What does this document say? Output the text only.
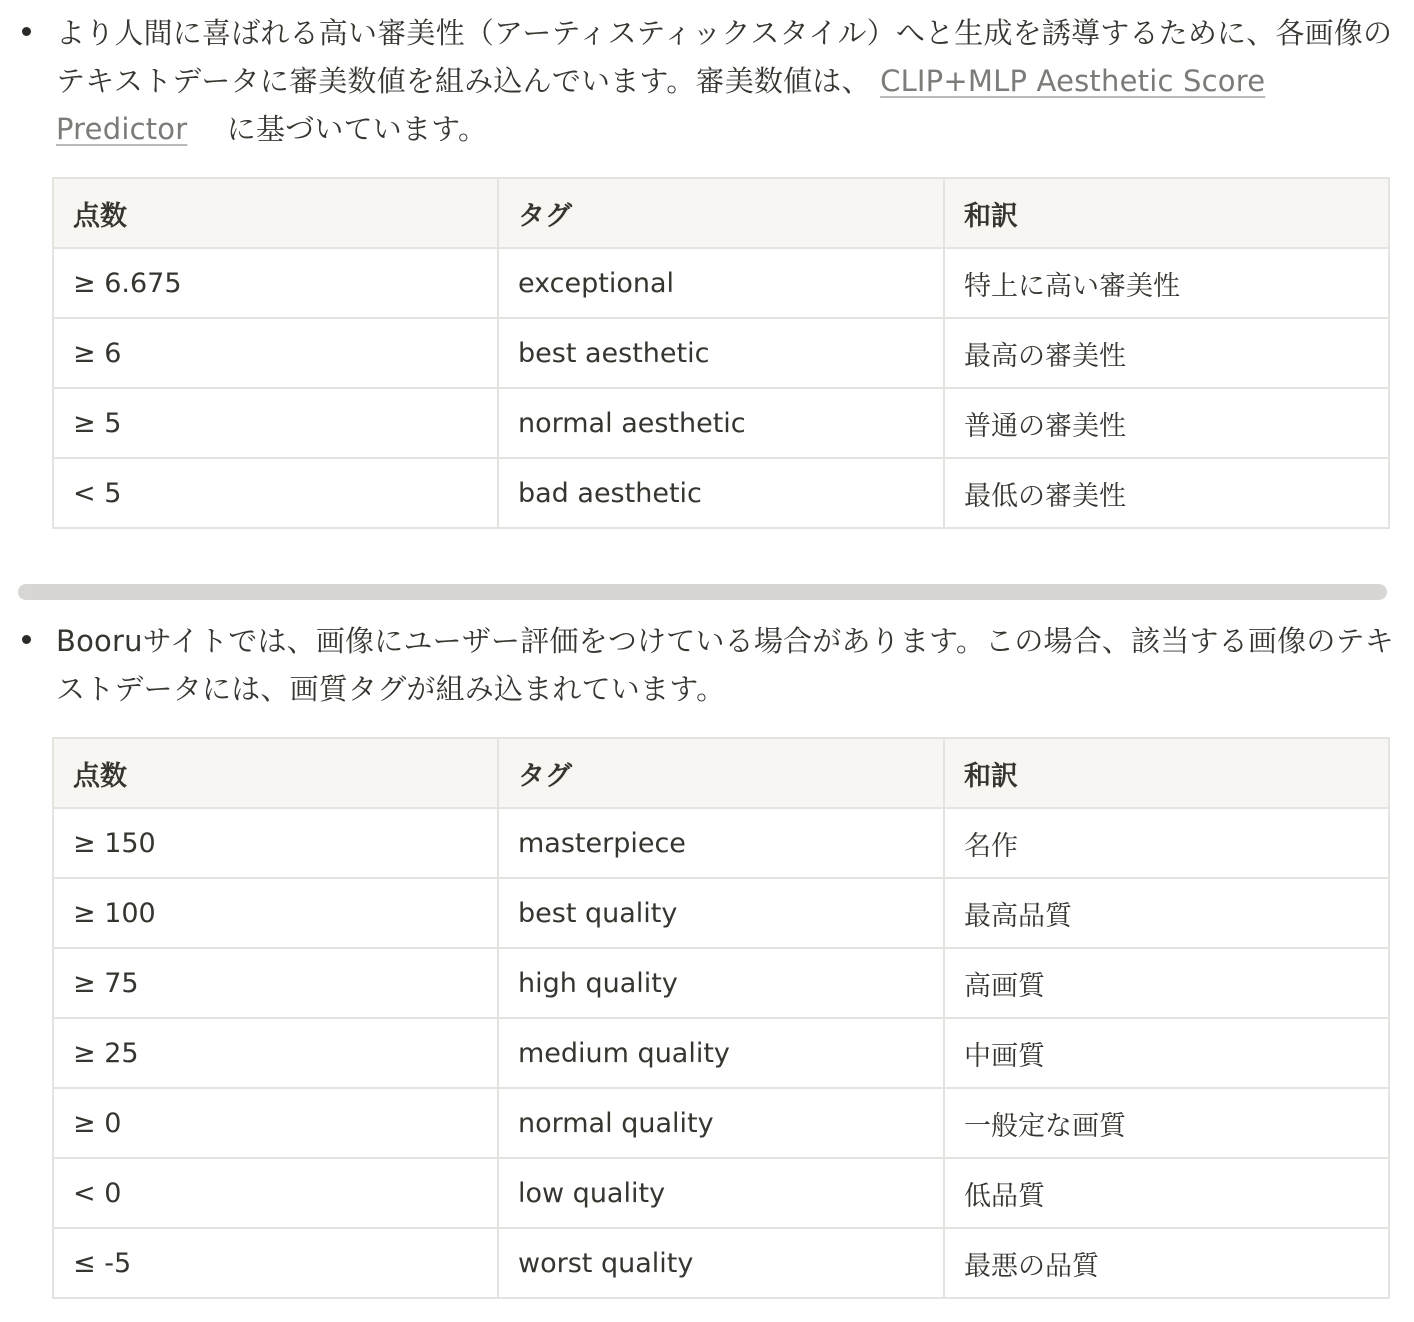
より人間に喜ばれる高い審美性（アーティスティックスタイル）へと生成を誘導するために、各画像のテキストデータに審美数値を組み込んでいます。審美数値は、 CLIP+MLP Aesthetic Score Predictor に基づいています。

点数	タグ	和訳
≥ 6.675	exceptional	特上に高い審美性
≥ 6	best aesthetic	最高の審美性
≥ 5	normal aesthetic	普通の審美性
< 5	bad aesthetic	最低の審美性

Booruサイトでは、画像にユーザー評価をつけている場合があります。この場合、該当する画像のテキストデータには、画質タグが組み込まれています。

点数	タグ	和訳
≥ 150	masterpiece	名作
≥ 100	best quality	最高品質
≥ 75	high quality	高画質
≥ 25	medium quality	中画質
≥ 0	normal quality	一般定な画質
< 0	low quality	低品質
≤ -5	worst quality	最悪の品質
